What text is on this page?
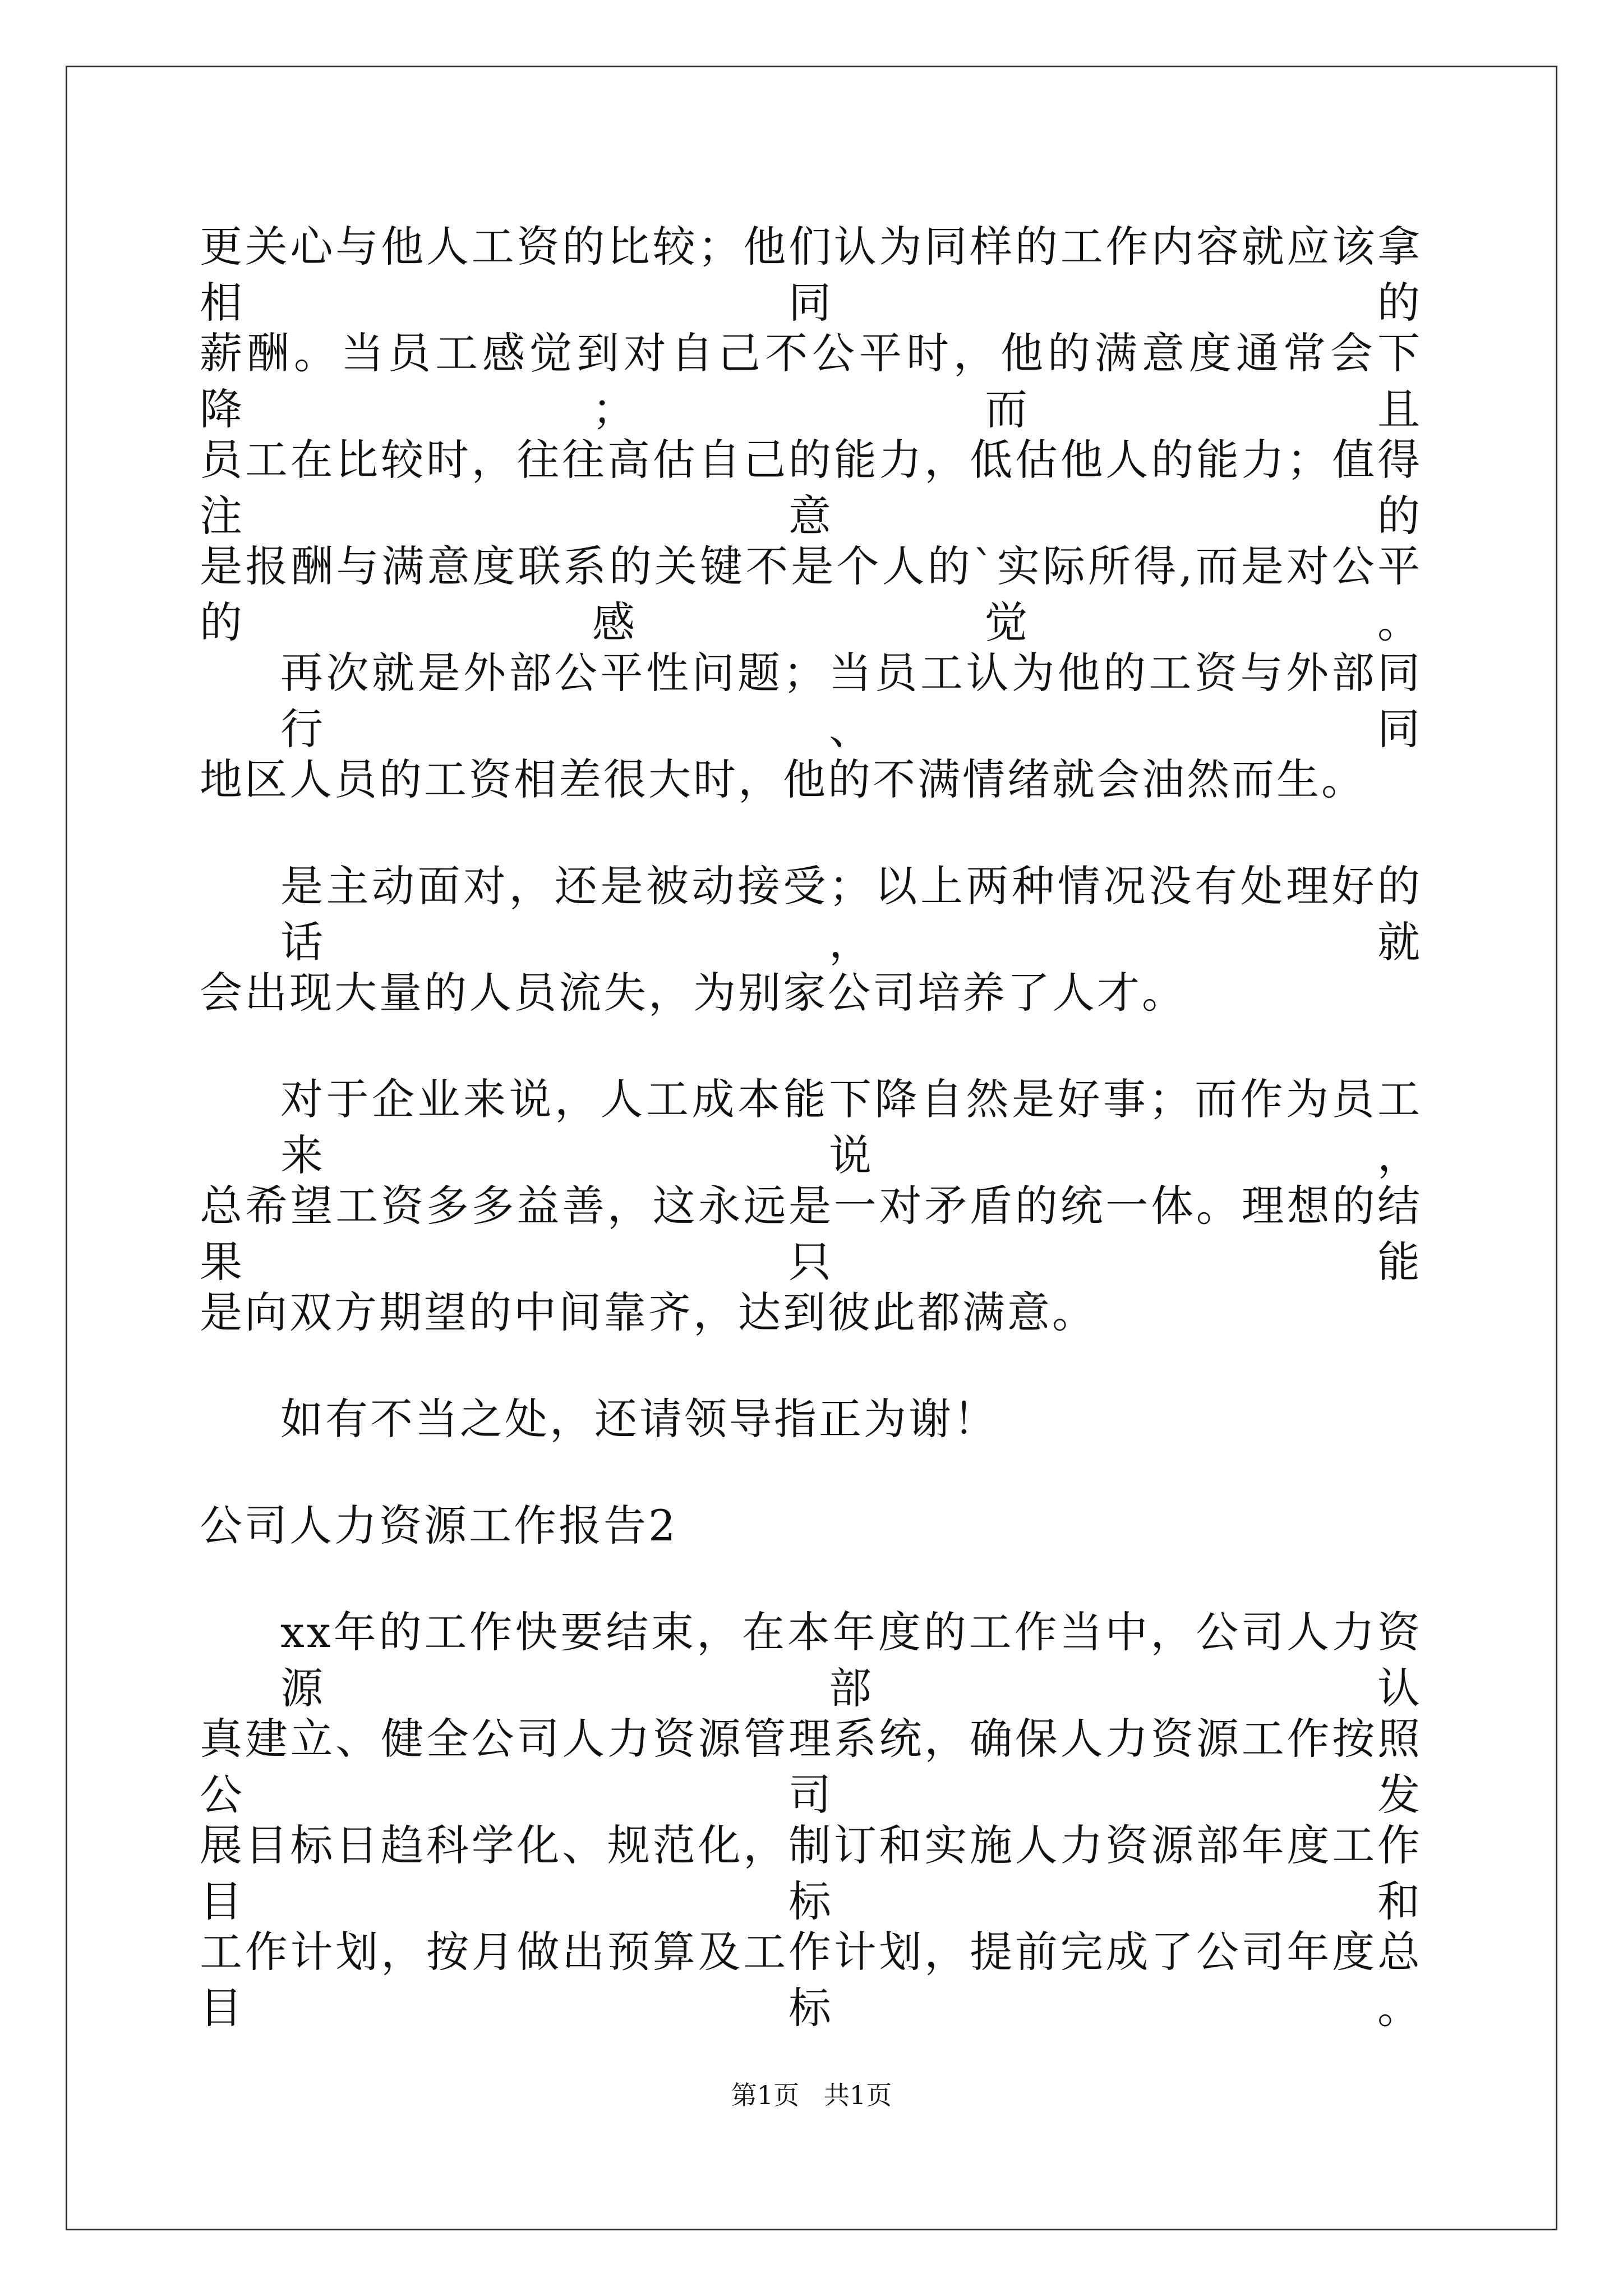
更关心与他人工资的比较；他们认为同样的工作内容就应该拿相同的
薪酬。当员工感觉到对自己不公平时，他的满意度通常会下降；而且
员工在比较时，往往高估自己的能力，低估他人的能力；值得注意的
是报酬与满意度联系的关键不是个人的`实际所得,而是对公平的感觉。
再次就是外部公平性问题；当员工认为他的工资与外部同行、同
地区人员的工资相差很大时，他的不满情绪就会油然而生。
是主动面对，还是被动接受；以上两种情况没有处理好的话，就
会出现大量的人员流失，为别家公司培养了人才。
对于企业来说，人工成本能下降自然是好事；而作为员工来说，
总希望工资多多益善，这永远是一对矛盾的统一体。理想的结果只能
是向双方期望的中间靠齐，达到彼此都满意。
如有不当之处，还请领导指正为谢！
公司人力资源工作报告2
xx年的工作快要结束，在本年度的工作当中，公司人力资源部认
真建立、健全公司人力资源管理系统，确保人力资源工作按照公司发
展目标日趋科学化、规范化，制订和实施人力资源部年度工作目标和
工作计划，按月做出预算及工作计划，提前完成了公司年度总目标。
第1页   共1页
